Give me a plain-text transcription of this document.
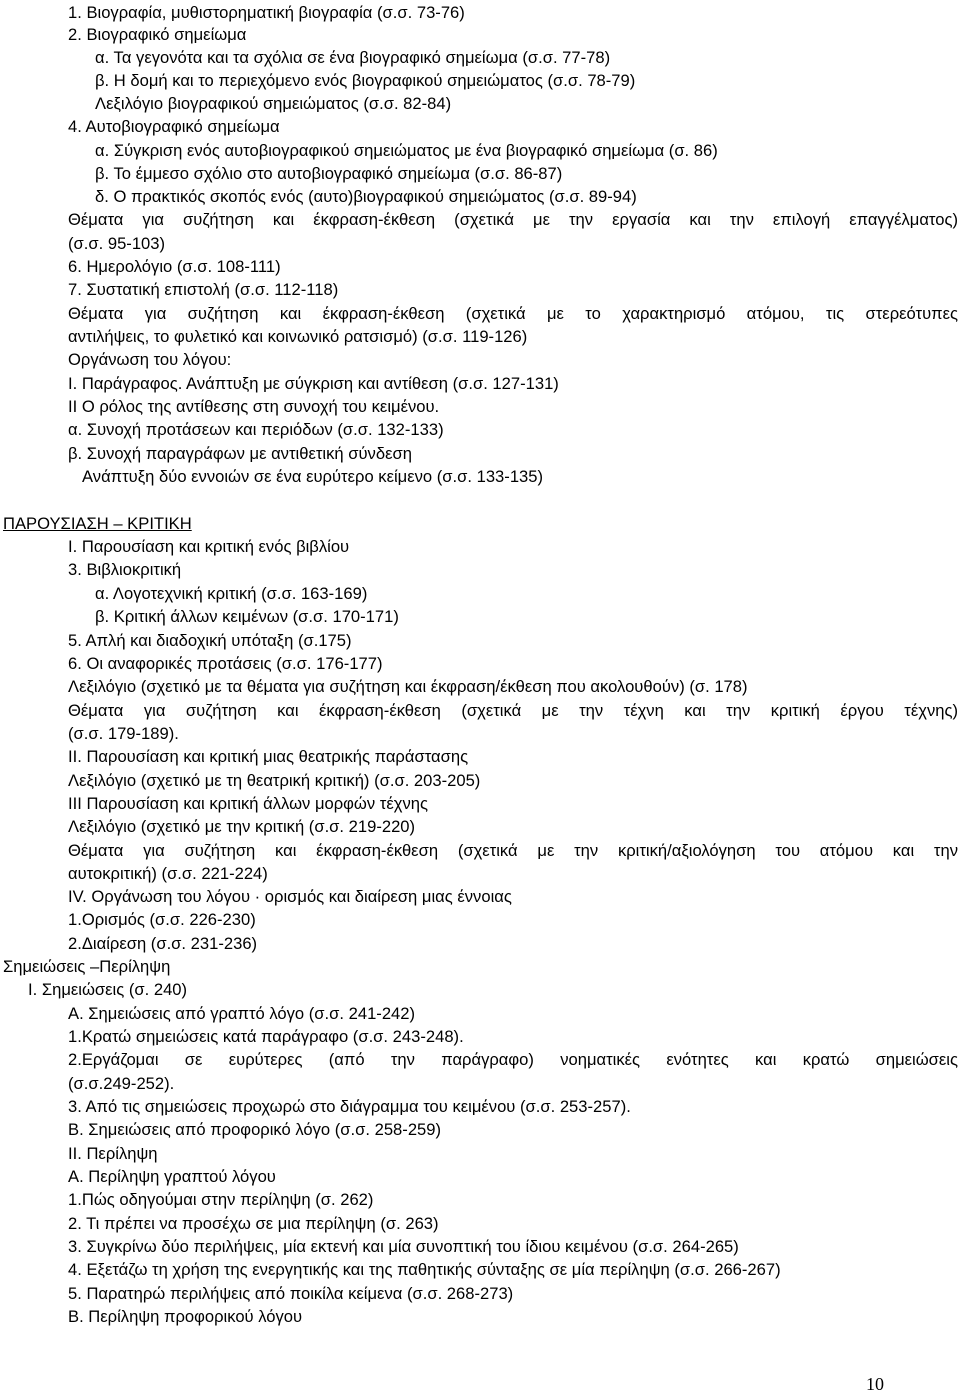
1. Βιογραφία, μυθιστορηματική βιογραφία (σ.σ. 73-76)
2. Βιογραφικό σημείωμα
α. Τα γεγονότα και τα σχόλια σε ένα βιογραφικό σημείωμα (σ.σ. 77-78)
β. Η δομή και το περιεχόμενο ενός βιογραφικού σημειώματος (σ.σ. 78-79)
Λεξιλόγιο βιογραφικού σημειώματος (σ.σ. 82-84)
4. Αυτοβιογραφικό σημείωμα
α. Σύγκριση ενός αυτοβιογραφικού σημειώματος με ένα βιογραφικό σημείωμα (σ. 86)
β. Το έμμεσο σχόλιο στο αυτοβιογραφικό σημείωμα (σ.σ. 86-87)
δ. Ο πρακτικός σκοπός ενός (αυτο)βιογραφικού σημειώματος (σ.σ. 89-94)
Θέματα για συζήτηση και έκφραση-έκθεση (σχετικά με την εργασία και την επιλογή επαγγέλματος)
(σ.σ. 95-103)
6. Ημερολόγιο (σ.σ. 108-111)
7. Συστατική επιστολή (σ.σ. 112-118)
Θέματα για συζήτηση και έκφραση-έκθεση (σχετικά με το χαρακτηρισμό ατόμου, τις στερεότυπες
αντιλήψεις, το φυλετικό και κοινωνικό ρατσισμό) (σ.σ. 119-126)
Οργάνωση του λόγου:
Ι. Παράγραφος. Ανάπτυξη με σύγκριση και αντίθεση (σ.σ. 127-131)
ΙΙ Ο ρόλος της αντίθεσης στη συνοχή του κειμένου.
α. Συνοχή προτάσεων και περιόδων (σ.σ. 132-133)
β. Συνοχή παραγράφων με αντιθετική σύνδεση
Ανάπτυξη δύο εννοιών σε ένα ευρύτερο κείμενο (σ.σ. 133-135)
ΠΑΡΟΥΣΙΑΣΗ – ΚΡΙΤΙΚΗ
Ι. Παρουσίαση και κριτική ενός βιβλίου
3. Βιβλιοκριτική
α. Λογοτεχνική κριτική (σ.σ. 163-169)
β. Κριτική άλλων κειμένων (σ.σ. 170-171)
5. Απλή και διαδοχική υπόταξη (σ.175)
6. Οι αναφορικές προτάσεις (σ.σ. 176-177)
Λεξιλόγιο (σχετικό με τα θέματα για συζήτηση και έκφραση/έκθεση που ακολουθούν) (σ. 178)
Θέματα για συζήτηση και έκφραση-έκθεση (σχετικά με την τέχνη και την κριτική έργου τέχνης)
(σ.σ. 179-189).
ΙΙ. Παρουσίαση και κριτική μιας θεατρικής παράστασης
Λεξιλόγιο (σχετικό με τη θεατρική κριτική) (σ.σ. 203-205)
ΙΙΙ Παρουσίαση και κριτική άλλων μορφών τέχνης
Λεξιλόγιο (σχετικό με την κριτική (σ.σ. 219-220)
Θέματα για συζήτηση και έκφραση-έκθεση (σχετικά με την κριτική/αξιολόγηση του ατόμου και την
αυτοκριτική) (σ.σ. 221-224)
ΙV. Οργάνωση του λόγου · ορισμός και διαίρεση μιας έννοιας
1.Ορισμός (σ.σ. 226-230)
2.Διαίρεση (σ.σ. 231-236)
Σημειώσεις –Περίληψη
Ι. Σημειώσεις (σ. 240)
Α. Σημειώσεις από γραπτό λόγο (σ.σ. 241-242)
1.Κρατώ σημειώσεις κατά παράγραφο (σ.σ. 243-248).
2.Εργάζομαι σε ευρύτερες (από την παράγραφο) νοηματικές ενότητες και κρατώ σημειώσεις
(σ.σ.249-252).
3. Από τις σημειώσεις προχωρώ στο διάγραμμα του κειμένου (σ.σ. 253-257).
Β. Σημειώσεις από προφορικό λόγο (σ.σ. 258-259)
ΙΙ. Περίληψη
Α. Περίληψη γραπτού λόγου
1.Πώς οδηγούμαι στην περίληψη (σ. 262)
2. Τι πρέπει να προσέχω σε μια περίληψη (σ. 263)
3. Συγκρίνω δύο περιλήψεις, μία εκτενή και μία συνοπτική του ίδιου κειμένου (σ.σ. 264-265)
4. Εξετάζω τη χρήση της ενεργητικής και της παθητικής σύνταξης σε μία περίληψη (σ.σ. 266-267)
5. Παρατηρώ περιλήψεις από ποικίλα κείμενα (σ.σ. 268-273)
Β. Περίληψη προφορικού λόγου
10
